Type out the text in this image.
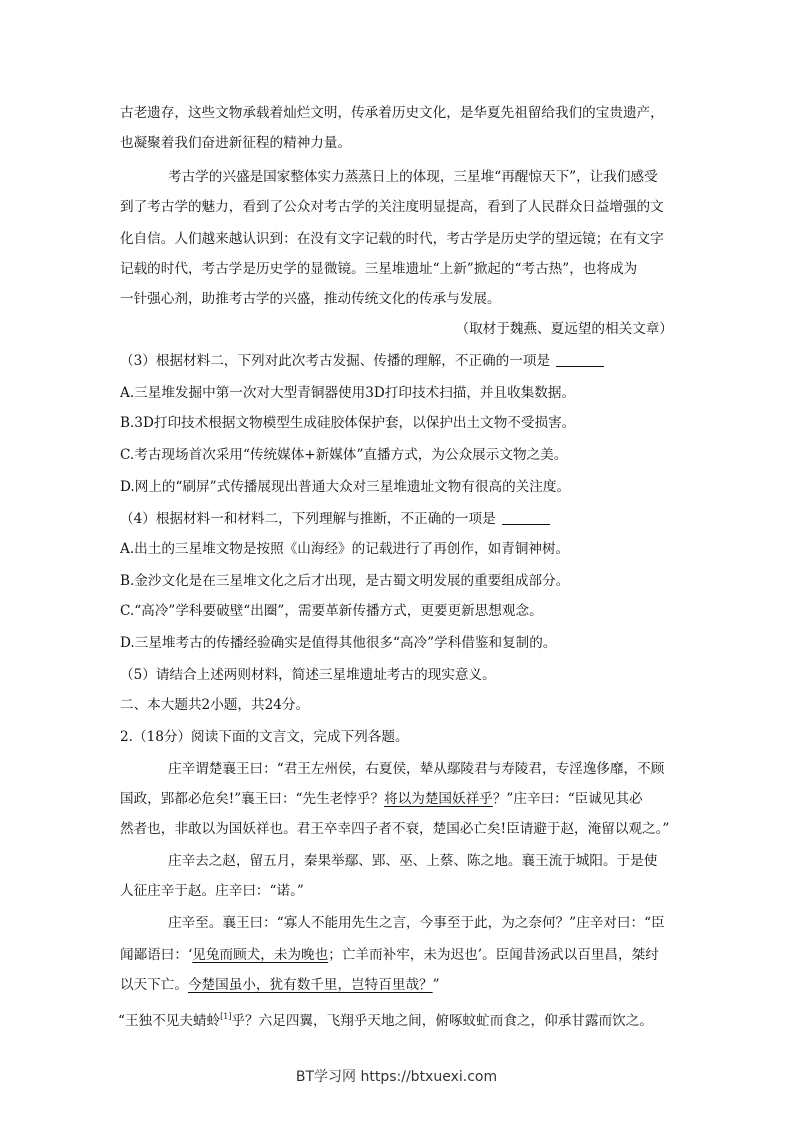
古老遗存，这些文物承载着灿烂文明，传承着历史文化，是华夏先祖留给我们的宝贵遗产，
也凝聚着我们奋进新征程的精神力量。
考古学的兴盛是国家整体实力蒸蒸日上的体现，三星堆“再醒惊天下”，让我们感受
到了考古学的魅力，看到了公众对考古学的关注度明显提高，看到了人民群众日益增强的文
化自信。人们越来越认识到：在没有文字记载的时代，考古学是历史学的望远镜；在有文字
记载的时代，考古学是历史学的显微镜。三星堆遗址“上新”掀起的“考古热”，也将成为
一针强心剂，助推考古学的兴盛，推动传统文化的传承与发展。
（取材于魏燕、夏远望的相关文章）
（3）根据材料二，下列对此次考古发掘、传播的理解，不正确的一项是
A.三星堆发掘中第一次对大型青铜器使用3D打印技术扫描，并且收集数据。
B.3D打印技术根据文物模型生成硅胶体保护套，以保护出土文物不受损害。
C.考古现场首次采用“传统媒体+新媒体”直播方式，为公众展示文物之美。
D.网上的“刷屏”式传播展现出普通大众对三星堆遗址文物有很高的关注度。
（4）根据材料一和材料二，下列理解与推断，不正确的一项是
A.出土的三星堆文物是按照《山海经》的记载进行了再创作，如青铜神树。
B.金沙文化是在三星堆文化之后才出现，是古蜀文明发展的重要组成部分。
C.“高冷”学科要破壁“出圈”，需要革新传播方式，更要更新思想观念。
D.三星堆考古的传播经验确实是值得其他很多“高冷”学科借鉴和复制的。
（5）请结合上述两则材料，简述三星堆遗址考古的现实意义。
二、本大题共2小题，共24分。
2.（18分）阅读下面的文言文，完成下列各题。
庄辛谓楚襄王曰：“君王左州侯，右夏侯，辇从鄢陵君与寿陵君，专淫逸侈靡，不顾
国政，郢都必危矣!”襄王曰：“先生老悖乎？将以为楚国妖祥乎？”庄辛曰：“臣诚见其必
然者也，非敢以为国妖祥也。君王卒幸四子者不衰，楚国必亡矣!臣请避于赵，淹留以观之。”
庄辛去之赵，留五月，秦果举鄢、郢、巫、上蔡、陈之地。襄王流于城阳。于是使
人征庄辛于赵。庄辛曰：“诺。”
庄辛至。襄王曰：“寡人不能用先生之言，今事至于此，为之奈何？”庄辛对曰：“臣
闻鄙语曰：‘见兔而顾犬，未为晚也；亡羊而补牢，未为迟也’。臣闻昔汤武以百里昌，桀纣
以天下亡。今楚国虽小，犹有数千里，岂特百里哉？”
“王独不见夫蜻蛉[1]乎？六足四翼，飞翔乎天地之间，俯啄蚊虻而食之，仰承甘露而饮之。
BT学习网 https://btxuexi.com
